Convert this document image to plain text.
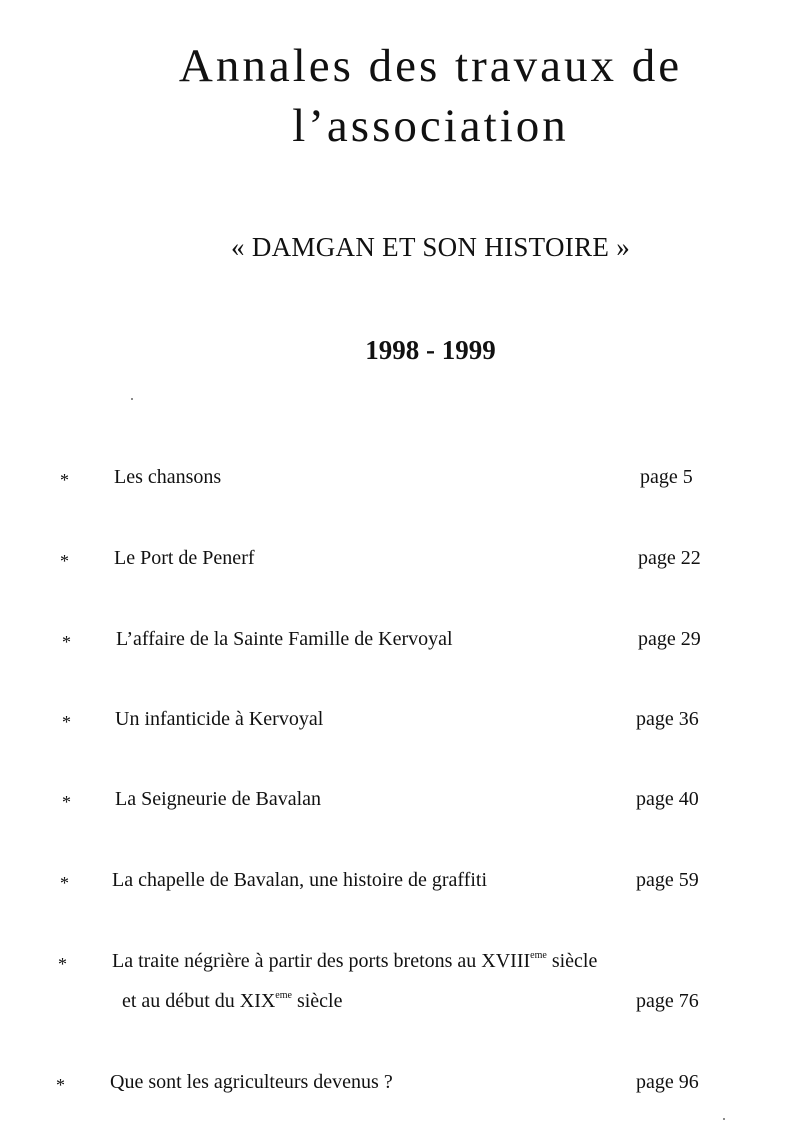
Annales des travaux de
l’association
« DAMGAN ET SON HISTOIRE »
1998 - 1999
* Les chansons	page 5
* Le Port de Penerf	page 22
* L’affaire de la Sainte Famille de Kervoyal	page 29
* Un infanticide à Kervoyal	page 36
* La Seigneurie de Bavalan	page 40
* La chapelle de Bavalan, une histoire de graffiti	page 59
* La traite négrière à partir des ports bretons au XVIIIeme siècle
et au début du XIXeme siècle	page 76
* Que sont les agriculteurs devenus ?	page 96
